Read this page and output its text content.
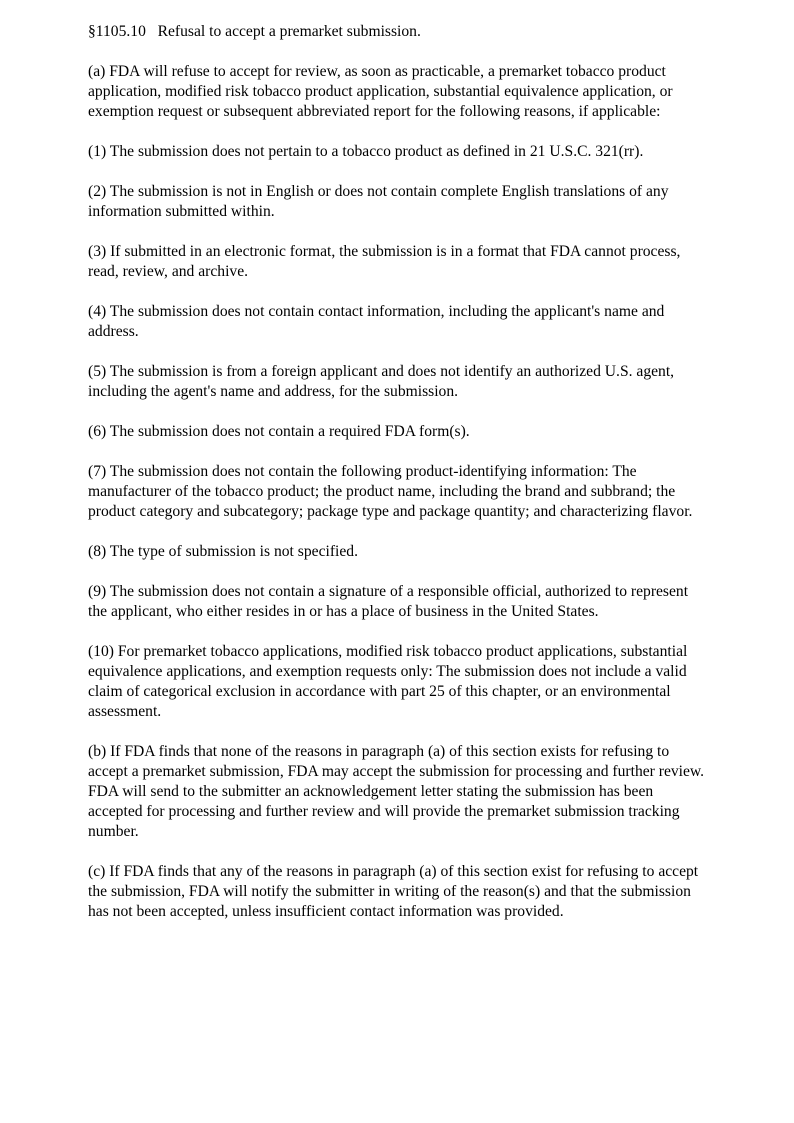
§1105.10   Refusal to accept a premarket submission.

(a) FDA will refuse to accept for review, as soon as practicable, a premarket tobacco product application, modified risk tobacco product application, substantial equivalence application, or exemption request or subsequent abbreviated report for the following reasons, if applicable:

(1) The submission does not pertain to a tobacco product as defined in 21 U.S.C. 321(rr).

(2) The submission is not in English or does not contain complete English translations of any information submitted within.

(3) If submitted in an electronic format, the submission is in a format that FDA cannot process, read, review, and archive.

(4) The submission does not contain contact information, including the applicant's name and address.

(5) The submission is from a foreign applicant and does not identify an authorized U.S. agent, including the agent's name and address, for the submission.

(6) The submission does not contain a required FDA form(s).

(7) The submission does not contain the following product-identifying information: The manufacturer of the tobacco product; the product name, including the brand and subbrand; the product category and subcategory; package type and package quantity; and characterizing flavor.

(8) The type of submission is not specified.

(9) The submission does not contain a signature of a responsible official, authorized to represent the applicant, who either resides in or has a place of business in the United States.

(10) For premarket tobacco applications, modified risk tobacco product applications, substantial equivalence applications, and exemption requests only: The submission does not include a valid claim of categorical exclusion in accordance with part 25 of this chapter, or an environmental assessment.

(b) If FDA finds that none of the reasons in paragraph (a) of this section exists for refusing to accept a premarket submission, FDA may accept the submission for processing and further review. FDA will send to the submitter an acknowledgement letter stating the submission has been accepted for processing and further review and will provide the premarket submission tracking number.

(c) If FDA finds that any of the reasons in paragraph (a) of this section exist for refusing to accept the submission, FDA will notify the submitter in writing of the reason(s) and that the submission has not been accepted, unless insufficient contact information was provided.
